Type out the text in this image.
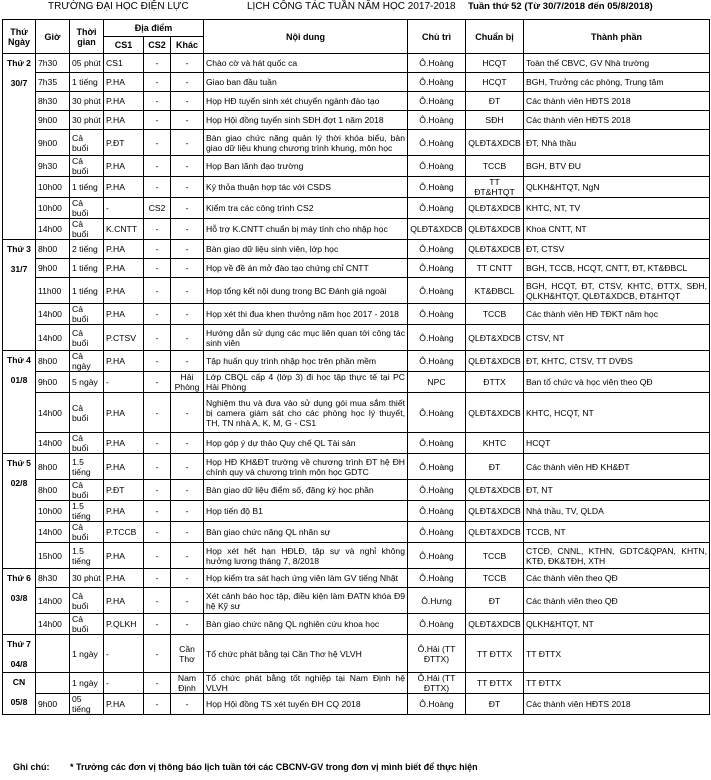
TRƯỜNG ĐẠI HỌC ĐIỆN LỰC	LỊCH CÔNG TÁC TUẦN NĂM HỌC 2017-2018 Tuần thứ 52 (Từ 30/7/2018 đến 05/8/2018)
Thứ
Ngày	Giờ	Thời gian	Địa điểm			Nội dung	Chủ trì	Chuẩn bị	Thành phần
			CS1	CS2	Khác				

Thứ 2
30/7	7h30	05 phút	CS1	-	-	Chào cờ và hát quốc ca	Ô.Hoàng	HCQT	Toàn thể CBVC, GV Nhà trường
	7h35	1 tiếng	P.HA	-	-	Giao ban đầu tuần	Ô.Hoàng	HCQT	BGH, Trưởng các phòng, Trung tâm
	8h30	30 phút	P.HA	-	-	Họp HĐ tuyển sinh xét chuyển ngành đào tạo	Ô.Hoàng	ĐT	Các thành viên HĐTS 2018
	9h00	30 phút	P.HA	-	-	Họp Hội đồng tuyển sinh SĐH đợt 1 năm 2018	Ô.Hoàng	SĐH	Các thành viên HĐTS 2018
	9h00	Cả buổi	P.ĐT	-	-	Bàn giao chức năng quản lý thời khóa biểu, bàn giao dữ liệu khung chương trình khung, môn học	Ô.Hoàng	QLĐT&XDCB	ĐT, Nhà thầu
	9h30	Cả buổi	P.HA	-	-	Họp Ban lãnh đạo trường	Ô.Hoàng	TCCB	BGH, BTV ĐU
	10h00	1 tiếng	P.HA	-	-	Ký thỏa thuận hợp tác với CSDS	Ô.Hoàng	TT ĐT&HTQT	QLKH&HTQT, NgN
	10h00	Cả buổi	-	CS2	-	Kiểm tra các công trình CS2	Ô.Hoàng	QLĐT&XDCB	KHTC, NT, TV
	14h00	Cả buổi	K.CNTT	-	-	Hỗ trợ K.CNTT chuẩn bị máy tính cho nhập học	QLĐT&XDCB	QLĐT&XDCB	Khoa CNTT, NT

Thứ 3
31/7	8h00	2 tiếng	P.HA	-	-	Bàn giao dữ liệu sinh viên, lớp học	Ô.Hoàng	QLĐT&XDCB	ĐT, CTSV
	9h00	1 tiếng	P.HA	-	-	Họp về đề án mở đào tạo chứng chỉ CNTT	Ô.Hoàng	TT CNTT	BGH, TCCB, HCQT, CNTT, ĐT, KT&ĐBCL
	11h00	1 tiếng	P.HA	-	-	Họp tổng kết nội dung trong BC Đánh giá ngoài	Ô.Hoàng	KT&ĐBCL	BGH, HCQT, ĐT, CTSV, KHTC, ĐTTX, SĐH, QLKH&HTQT, QLĐT&XDCB, ĐT&HTQT
	14h00	Cả buổi	P.HA	-	-	Họp xét thi đua khen thưởng năm học 2017 - 2018	Ô.Hoàng	TCCB	Các thành viên HĐ TĐKT năm học
	14h00	Cả buổi	P.CTSV	-	-	Hướng dẫn sử dụng các mục liên quan tới công tác sinh viên	Ô.Hoàng	QLĐT&XDCB	CTSV, NT

Thứ 4
01/8	8h00	Cả ngày	P.HA	-	-	Tập huấn quy trình nhập học trên phần mềm	Ô.Hoàng	QLĐT&XDCB	ĐT, KHTC, CTSV, TT DVĐS
	9h00	5 ngày	-	-	Hải Phòng	Lớp CBQL cấp 4 (lớp 3) đi học tập thực tế tại PC Hải Phòng	NPC	ĐTTX	Ban tổ chức và học viên theo QĐ
	14h00	Cả buổi	P.HA	-	-	Nghiệm thu và đưa vào sử dụng gói mua sắm thiết bị camera giám sát cho các phòng học lý thuyết, TH, TN nhà A, K, M, G - CS1	Ô.Hoàng	QLĐT&XDCB	KHTC, HCQT, NT
	14h00	Cả buổi	P.HA	-	-	Họp góp ý dự thảo Quy chế QL Tài sản	Ô.Hoàng	KHTC	HCQT

Thứ 5
02/8	8h00	1.5 tiếng	P.HA	-	-	Họp HĐ KH&ĐT trường về chương trình ĐT hệ ĐH chính quy và chương trình môn học GDTC	Ô.Hoàng	ĐT	Các thành viên HĐ KH&ĐT
	8h00	Cả buổi	P.ĐT	-	-	Bàn giao dữ liệu điểm số, đăng ký học phần	Ô.Hoàng	QLĐT&XDCB	ĐT, NT
	10h00	1.5 tiếng	P.HA	-	-	Họp tiến độ B1	Ô.Hoàng	QLĐT&XDCB	Nhà thầu, TV, QLDA
	14h00	Cả buổi	P.TCCB	-	-	Bàn giao chức năng QL nhân sự	Ô.Hoàng	QLĐT&XDCB	TCCB, NT
	15h00	1.5 tiếng	P.HA	-	-	Họp xét hết hạn HĐLĐ, tập sự và nghỉ không hưởng lương tháng 7, 8/2018	Ô.Hoàng	TCCB	CTCĐ, CNNL, KTHN, GDTC&QPAN, KHTN, KTĐ, ĐK&TĐH, XTH

Thứ 6
03/8	8h30	30 phút	P.HA	-	-	Họp kiểm tra sát hạch ứng viên làm GV tiếng Nhật	Ô.Hoàng	TCCB	Các thành viên theo QĐ
	14h00	Cả buổi	P.HA	-	-	Xét cảnh báo học tập, điều kiện làm ĐATN khóa Đ9 hệ Kỹ sư	Ô.Hưng	ĐT	Các thành viên theo QĐ
	14h00	Cả buổi	P.QLKH	-	-	Bàn giao chức năng QL nghiên cứu khoa học	Ô.Hoàng	QLĐT&XDCB	QLKH&HTQT, NT

Thứ 7
04/8		1 ngày	-	-	Cần Thơ	Tổ chức phát bằng tại Cần Thơ hệ VLVH	Ô.Hải (TT ĐTTX)	TT ĐTTX	TT ĐTTX

CN
05/8		1 ngày	-	-	Nam Định	Tổ chức phát bằng tốt nghiệp tại Nam Định hệ VLVH	Ô.Hải (TT ĐTTX)	TT ĐTTX	TT ĐTTX
	9h00	05 tiếng	P.HA	-	-	Họp Hội đồng TS xét tuyển ĐH CQ 2018	Ô.Hoàng	ĐT	Các thành viên HĐTS 2018
Ghi chú: * Trưởng các đơn vị thông báo lịch tuần tới các CBCNV-GV trong đơn vị mình biết để thực hiện
